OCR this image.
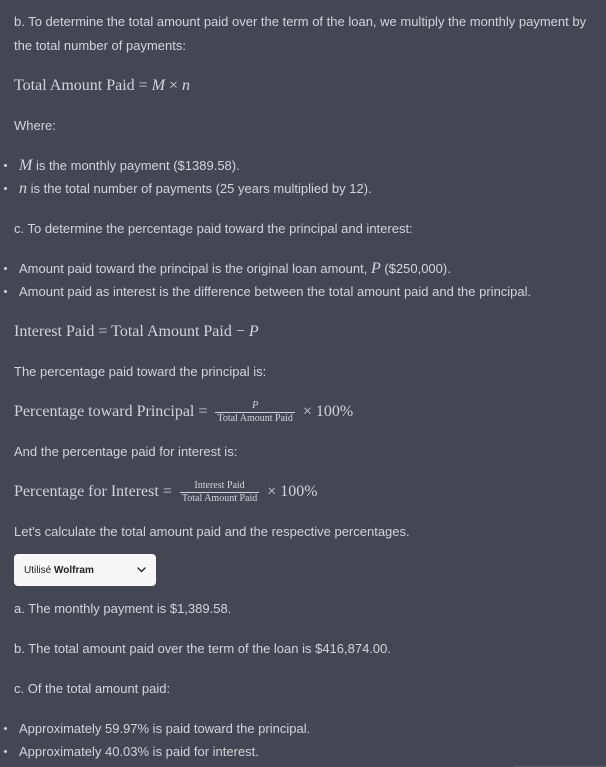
b. To determine the total amount paid over the term of the loan, we multiply the monthly payment by the total number of payments:
Total Amount Paid = M × n
Where:
M is the monthly payment ($1389.58).
n is the total number of payments (25 years multiplied by 12).
c. To determine the percentage paid toward the principal and interest:
Amount paid toward the principal is the original loan amount, P ($250,000).
Amount paid as interest is the difference between the total amount paid and the principal.
Interest Paid = Total Amount Paid − P
The percentage paid toward the principal is:
Percentage toward Principal = $\frac{P}{\text{Total Amount Paid}} \times 100\%$
And the percentage paid for interest is:
Percentage for Interest = $\frac{\text{Interest Paid}}{\text{Total Amount Paid}} \times 100\%$
Let's calculate the total amount paid and the respective percentages.
Utilisé Wolfram
a. The monthly payment is $1,389.58.
b. The total amount paid over the term of the loan is $416,874.00.
c. Of the total amount paid:
Approximately 59.97% is paid toward the principal.
Approximately 40.03% is paid for interest.
